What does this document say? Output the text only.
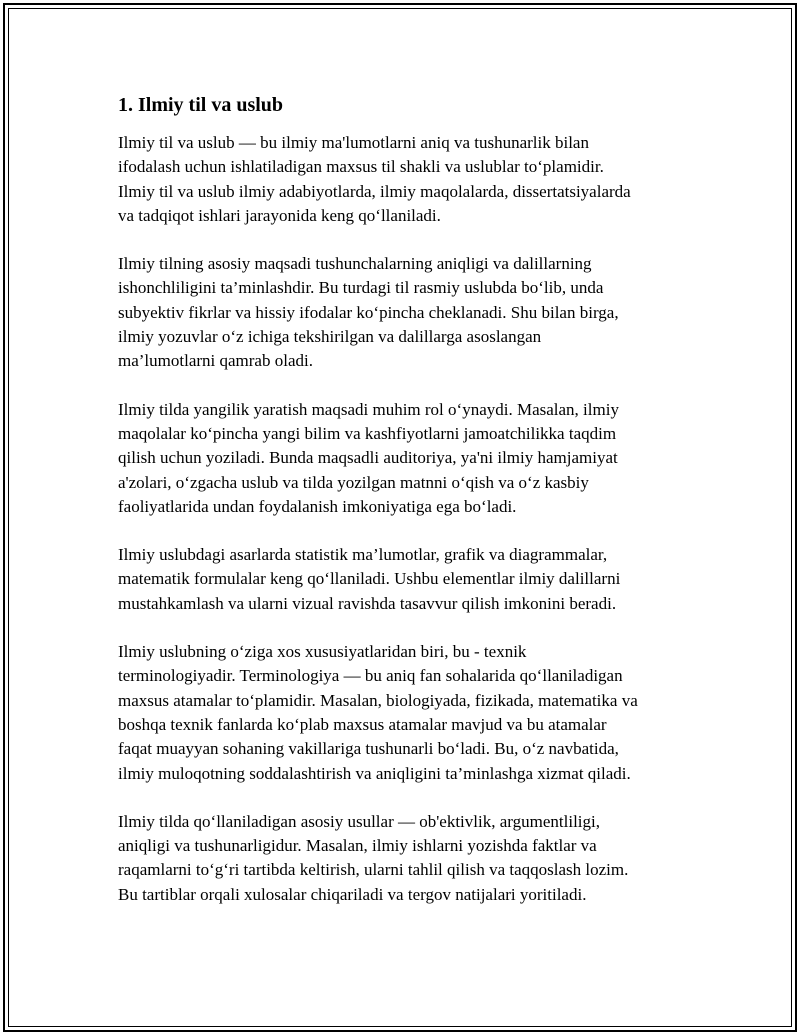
1. Ilmiy til va uslub
Ilmiy til va uslub — bu ilmiy ma'lumotlarni aniq va tushunarlik bilan
ifodalash uchun ishlatiladigan maxsus til shakli va uslublar to‘plamidir.
Ilmiy til va uslub ilmiy adabiyotlarda, ilmiy maqolalarda, dissertatsiyalarda
va tadqiqot ishlari jarayonida keng qo‘llaniladi.
Ilmiy tilning asosiy maqsadi tushunchalarning aniqligi va dalillarning
ishonchliligini ta’minlashdir. Bu turdagi til rasmiy uslubda bo‘lib, unda
subyektiv fikrlar va hissiy ifodalar ko‘pincha cheklanadi. Shu bilan birga,
ilmiy yozuvlar o‘z ichiga tekshirilgan va dalillarga asoslangan
ma’lumotlarni qamrab oladi.
Ilmiy tilda yangilik yaratish maqsadi muhim rol o‘ynaydi. Masalan, ilmiy
maqolalar ko‘pincha yangi bilim va kashfiyotlarni jamoatchilikka taqdim
qilish uchun yoziladi. Bunda maqsadli auditoriya, ya'ni ilmiy hamjamiyat
a'zolari, o‘zgacha uslub va tilda yozilgan matnni o‘qish va o‘z kasbiy
faoliyatlarida undan foydalanish imkoniyatiga ega bo‘ladi.
Ilmiy uslubdagi asarlarda statistik ma’lumotlar, grafik va diagrammalar,
matematik formulalar keng qo‘llaniladi. Ushbu elementlar ilmiy dalillarni
mustahkamlash va ularni vizual ravishda tasavvur qilish imkonini beradi.
Ilmiy uslubning o‘ziga xos xususiyatlaridan biri, bu - texnik
terminologiyadir. Terminologiya — bu aniq fan sohalarida qo‘llaniladigan
maxsus atamalar to‘plamidir. Masalan, biologiyada, fizikada, matematika va
boshqa texnik fanlarda ko‘plab maxsus atamalar mavjud va bu atamalar
faqat muayyan sohaning vakillariga tushunarli bo‘ladi. Bu, o‘z navbatida,
ilmiy muloqotning soddalashtirish va aniqligini ta’minlashga xizmat qiladi.
Ilmiy tilda qo‘llaniladigan asosiy usullar — ob'ektivlik, argumentliligi,
aniqligi va tushunarligidur. Masalan, ilmiy ishlarni yozishda faktlar va
raqamlarni to‘g‘ri tartibda keltirish, ularni tahlil qilish va taqqoslash lozim.
Bu tartiblar orqali xulosalar chiqariladi va tergov natijalari yoritiladi.
